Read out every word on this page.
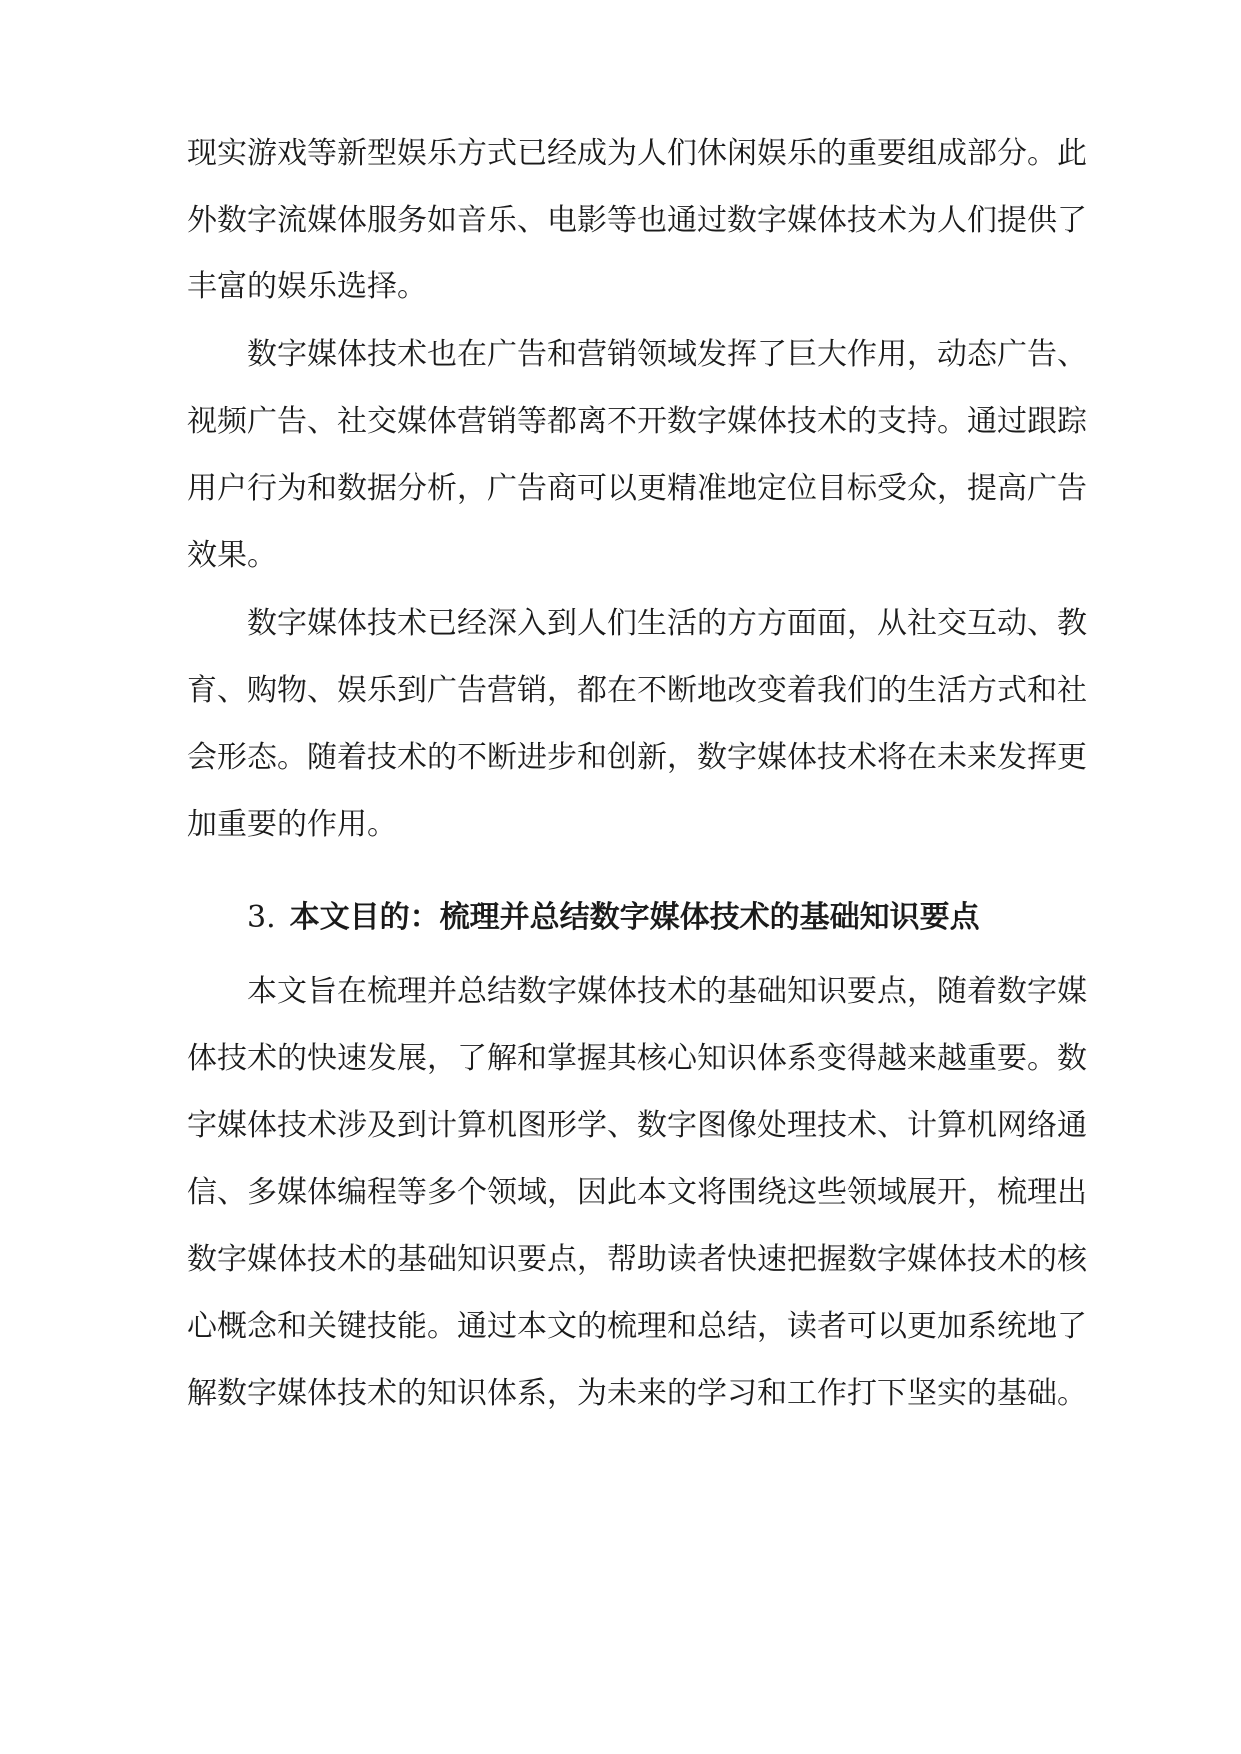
现实游戏等新型娱乐方式已经成为人们休闲娱乐的重要组成部分。此

外数字流媒体服务如音乐、电影等也通过数字媒体技术为人们提供了

丰富的娱乐选择。

数字媒体技术也在广告和营销领域发挥了巨大作用，动态广告、

视频广告、社交媒体营销等都离不开数字媒体技术的支持。通过跟踪

用户行为和数据分析，广告商可以更精准地定位目标受众，提高广告

效果。

数字媒体技术已经深入到人们生活的方方面面，从社交互动、教

育、购物、娱乐到广告营销，都在不断地改变着我们的生活方式和社

会形态。随着技术的不断进步和创新，数字媒体技术将在未来发挥更

加重要的作用。

3. 本文目的：梳理并总结数字媒体技术的基础知识要点

本文旨在梳理并总结数字媒体技术的基础知识要点，随着数字媒

体技术的快速发展，了解和掌握其核心知识体系变得越来越重要。数

字媒体技术涉及到计算机图形学、数字图像处理技术、计算机网络通

信、多媒体编程等多个领域，因此本文将围绕这些领域展开，梳理出

数字媒体技术的基础知识要点，帮助读者快速把握数字媒体技术的核

心概念和关键技能。通过本文的梳理和总结，读者可以更加系统地了

解数字媒体技术的知识体系，为未来的学习和工作打下坚实的基础。
